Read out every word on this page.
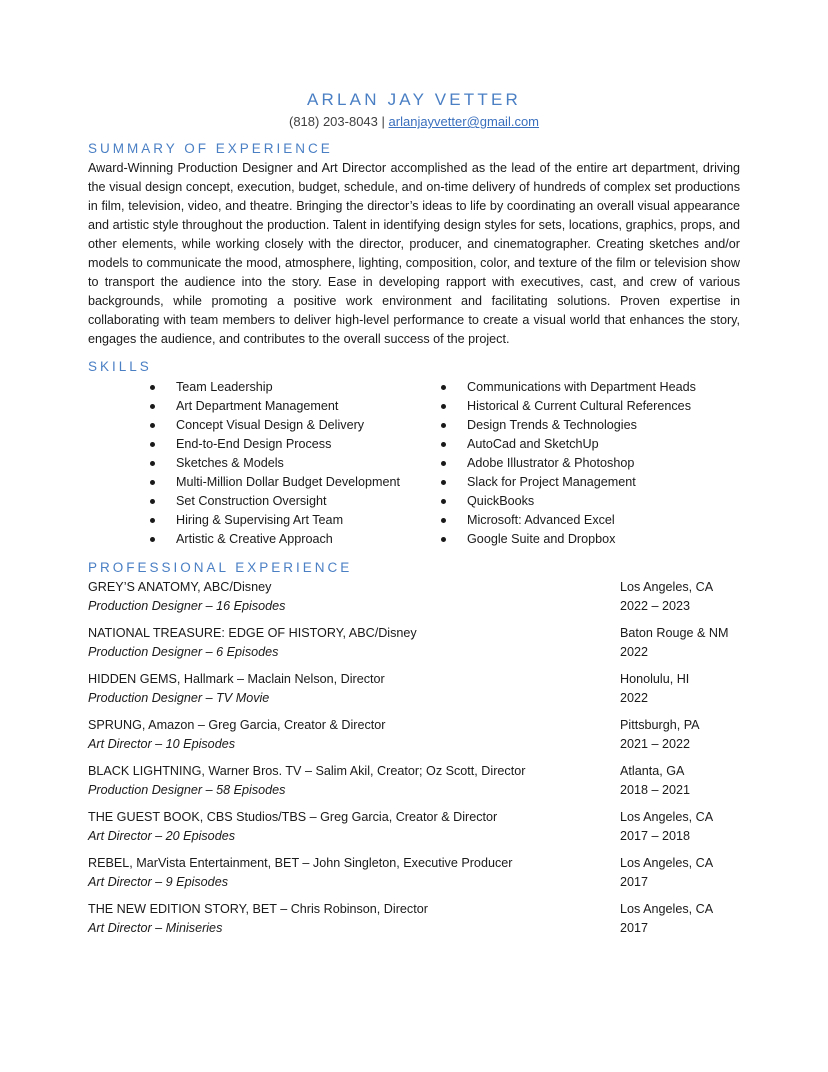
ARLAN JAY VETTER
(818) 203-8043 | arlanjayvetter@gmail.com
SUMMARY OF EXPERIENCE

Award-Winning Production Designer and Art Director accomplished as the lead of the entire art department, driving the visual design concept, execution, budget, schedule, and on-time delivery of hundreds of complex set productions in film, television, video, and theatre. Bringing the director’s ideas to life by coordinating an overall visual appearance and artistic style throughout the production. Talent in identifying design styles for sets, locations, graphics, props, and other elements, while working closely with the director, producer, and cinematographer. Creating sketches and/or models to communicate the mood, atmosphere, lighting, composition, color, and texture of the film or television show to transport the audience into the story. Ease in developing rapport with executives, cast, and crew of various backgrounds, while promoting a positive work environment and facilitating solutions. Proven expertise in collaborating with team members to deliver high-level performance to create a visual world that enhances the story, engages the audience, and contributes to the overall success of the project.

SKILLS
Team Leadership
Art Department Management
Concept Visual Design & Delivery
End-to-End Design Process
Sketches & Models
Multi-Million Dollar Budget Development
Set Construction Oversight
Hiring & Supervising Art Team
Artistic & Creative Approach
Communications with Department Heads
Historical & Current Cultural References
Design Trends & Technologies
AutoCad and SketchUp
Adobe Illustrator & Photoshop
Slack for Project Management
QuickBooks
Microsoft: Advanced Excel
Google Suite and Dropbox
PROFESSIONAL EXPERIENCE
GREY’S ANATOMY, ABC/Disney
Production Designer – 16 Episodes
Los Angeles, CA
2022 – 2023
NATIONAL TREASURE: EDGE OF HISTORY, ABC/Disney
Production Designer – 6 Episodes
Baton Rouge & NM
2022
HIDDEN GEMS, Hallmark – Maclain Nelson, Director
Production Designer – TV Movie
Honolulu, HI
2022
SPRUNG, Amazon – Greg Garcia, Creator & Director
Art Director – 10 Episodes
Pittsburgh, PA
2021 – 2022
BLACK LIGHTNING, Warner Bros. TV – Salim Akil, Creator; Oz Scott, Director
Production Designer – 58 Episodes
Atlanta, GA
2018 – 2021
THE GUEST BOOK, CBS Studios/TBS – Greg Garcia, Creator & Director
Art Director – 20 Episodes
Los Angeles, CA
2017 – 2018
REBEL, MarVista Entertainment, BET – John Singleton, Executive Producer
Art Director – 9 Episodes
Los Angeles, CA
2017
THE NEW EDITION STORY, BET – Chris Robinson, Director
Art Director – Miniseries
Los Angeles, CA
2017
